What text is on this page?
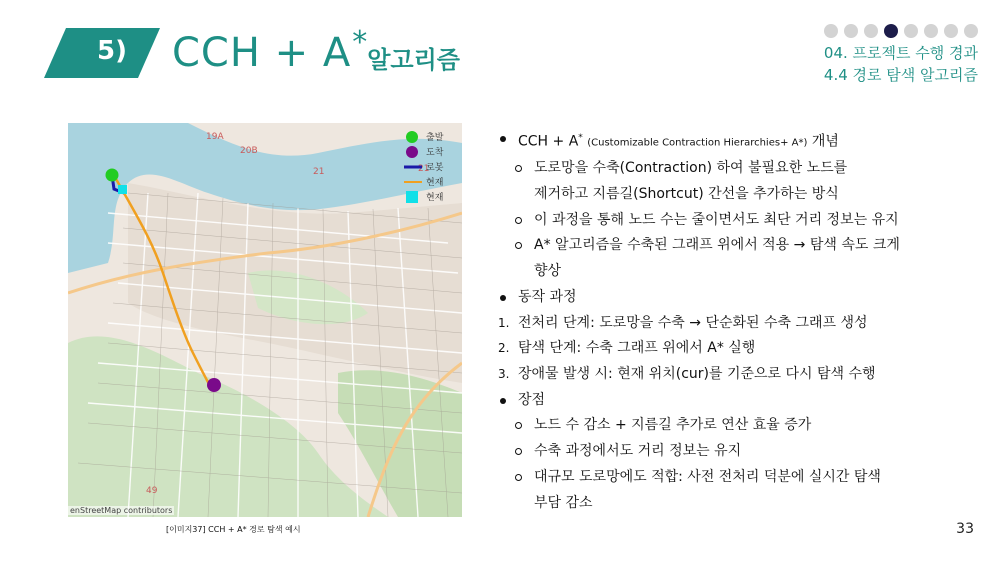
5)	CCH + A * 알고리즘	04. 프로젝트 수행 경과
4.4 경로 탐색 알고리즘
19A
20B
21	21
49
출발
도착
로봇
현재
현재
enStreetMap contributors
[이미지37] CCH + A* 경로 탐색 예시
CCH + A* (Customizable Contraction Hierarchies+ A*) 개념
도로망을 수축(Contraction) 하여 불필요한 노드를
제거하고 지름길(Shortcut) 간선을 추가하는 방식
이 과정을 통해 노드 수는 줄이면서도 최단 거리 정보는 유지
A* 알고리즘을 수축된 그래프 위에서 적용 → 탐색 속도 크게
향상
동작 과정
1. 전처리 단계: 도로망을 수축 → 단순화된 수축 그래프 생성
2. 탐색 단계: 수축 그래프 위에서 A* 실행
3. 장애물 발생 시: 현재 위치(cur)를 기준으로 다시 탐색 수행
장점
노드 수 감소 + 지름길 추가로 연산 효율 증가
수축 과정에서도 거리 정보는 유지
대규모 도로망에도 적합: 사전 전처리 덕분에 실시간 탐색
부담 감소
33
